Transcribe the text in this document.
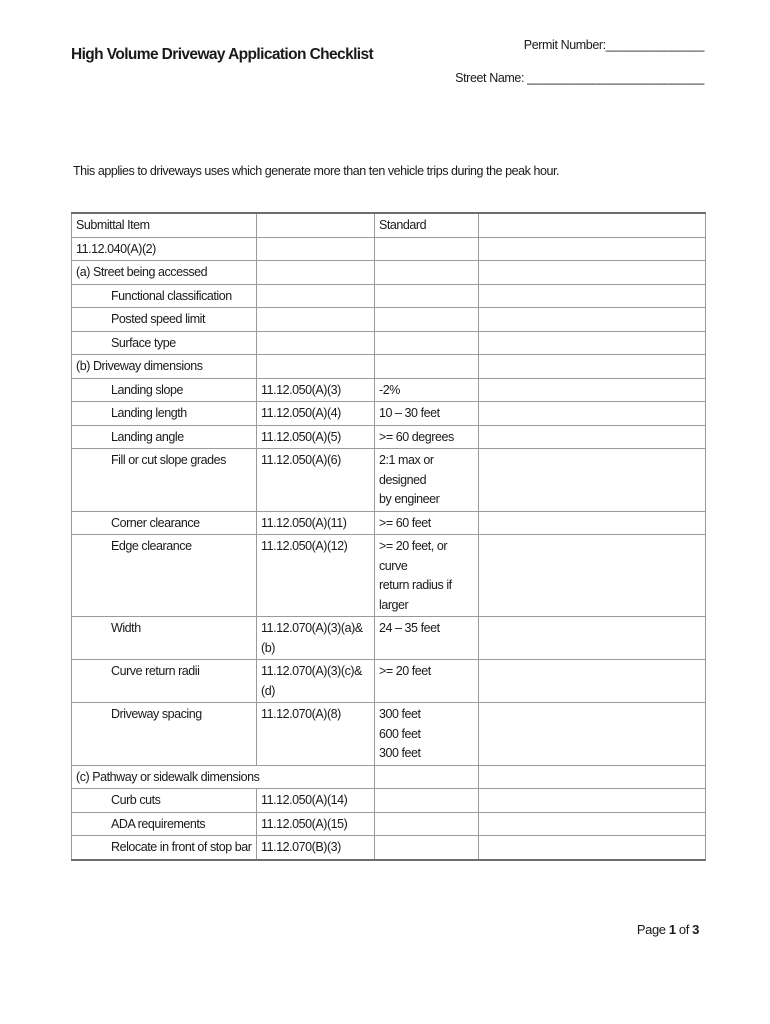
High Volume Driveway Application Checklist
Permit Number:_______________
Street Name: ___________________________
This applies to driveways uses which generate more than ten vehicle trips during the peak hour.
Submittal Item		Standard	

11.12.040(A)(2)			
(a) Street being accessed			
Functional classification			
Posted speed limit			
Surface type			
(b) Driveway dimensions			
Landing slope	11.12.050(A)(3)	-2%	

Landing length	11.12.050(A)(4)	10 – 30 feet	

Landing angle	11.12.050(A)(5)	>= 60 degrees	

Fill or cut slope grades	11.12.050(A)(6)	2:1 max or designed
by engineer	

Corner clearance	11.12.050(A)(11)	>= 60 feet	

Edge clearance	11.12.050(A)(12)	>= 20 feet, or curve
return radius if larger	

Width	11.12.070(A)(3)(a)&(b)	24 – 35 feet	

Curve return radii	11.12.070(A)(3)(c)&(d)	>= 20 feet	

Driveway spacing	11.12.070(A)(8)	300 feet
600 feet
300 feet	

(c) Pathway or sidewalk dimensions			
Curb cuts	11.12.050(A)(14)		
ADA requirements	11.12.050(A)(15)		
Relocate in front of stop bar	11.12.070(B)(3)		
Page 1 of 3
